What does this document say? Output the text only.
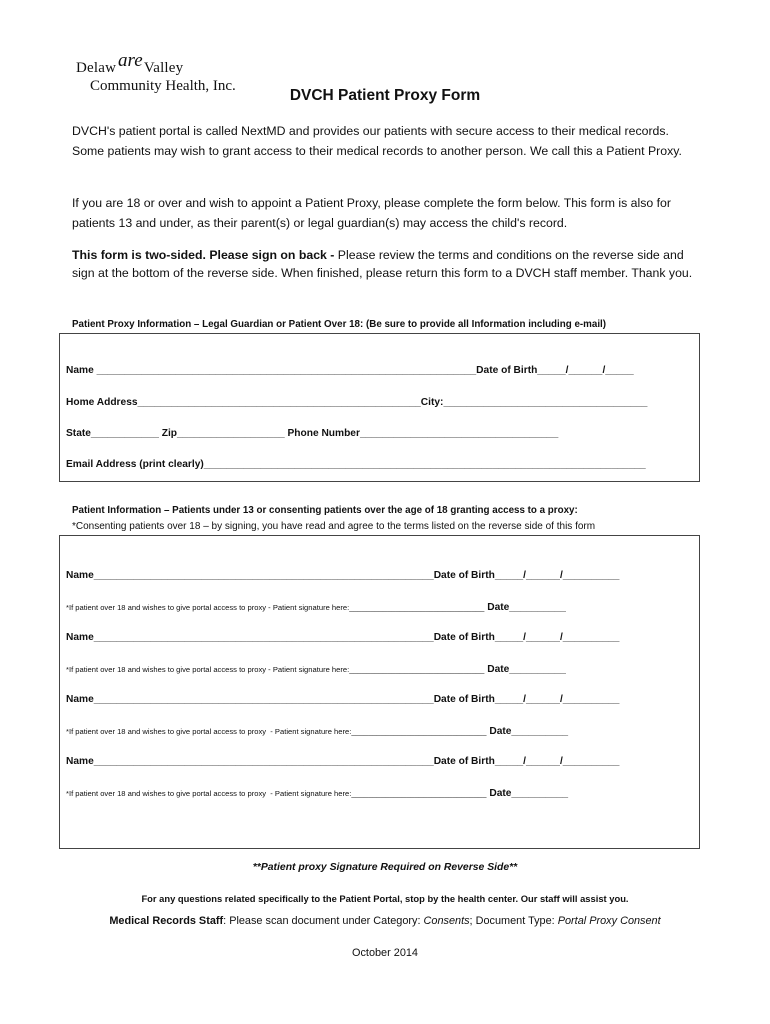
Delaw Valley
are
Community Health, Inc.
DVCH Patient Proxy Form
DVCH's patient portal is called NextMD and provides our patients with secure access to their medical records. Some patients may wish to grant access to their medical records to another person. We call this a Patient Proxy.
If you are 18 or over and wish to appoint a Patient Proxy, please complete the form below. This form is also for patients 13 and under, as their parent(s) or legal guardian(s) may access the child's record.
This form is two-sided. Please sign on back - Please review the terms and conditions on the reverse side and sign at the bottom of the reverse side. When finished, please return this form to a DVCH staff member. Thank you.
Patient Proxy Information – Legal Guardian or Patient Over 18: (Be sure to provide all Information including e-mail)
Name ___________________________________________________________________Date of Birth_____/______/_____
Home Address__________________________________________________City:____________________________________
State____________ Zip___________________ Phone Number___________________________________
Email Address (print clearly)______________________________________________________________________________
Patient Information – Patients under 13 or consenting patients over the age of 18 granting access to a proxy:
*Consenting patients over 18 – by signing, you have read and agree to the terms listed on the reverse side of this form
Name____________________________________________________________Date of Birth_____/______/__________
*If patient over 18 and wishes to give portal access to proxy - Patient signature here:________________________________ Date__________
Name____________________________________________________________Date of Birth_____/______/__________
*If patient over 18 and wishes to give portal access to proxy - Patient signature here:________________________________ Date__________
Name____________________________________________________________Date of Birth_____/______/__________
*If patient over 18 and wishes to give portal access to proxy  - Patient signature here:________________________________ Date__________
Name____________________________________________________________Date of Birth_____/______/__________
*If patient over 18 and wishes to give portal access to proxy  - Patient signature here:________________________________ Date__________
**Patient proxy Signature Required on Reverse Side**
For any questions related specifically to the Patient Portal, stop by the health center. Our staff will assist you.
Medical Records Staff: Please scan document under Category: Consents; Document Type: Portal Proxy Consent
October 2014
